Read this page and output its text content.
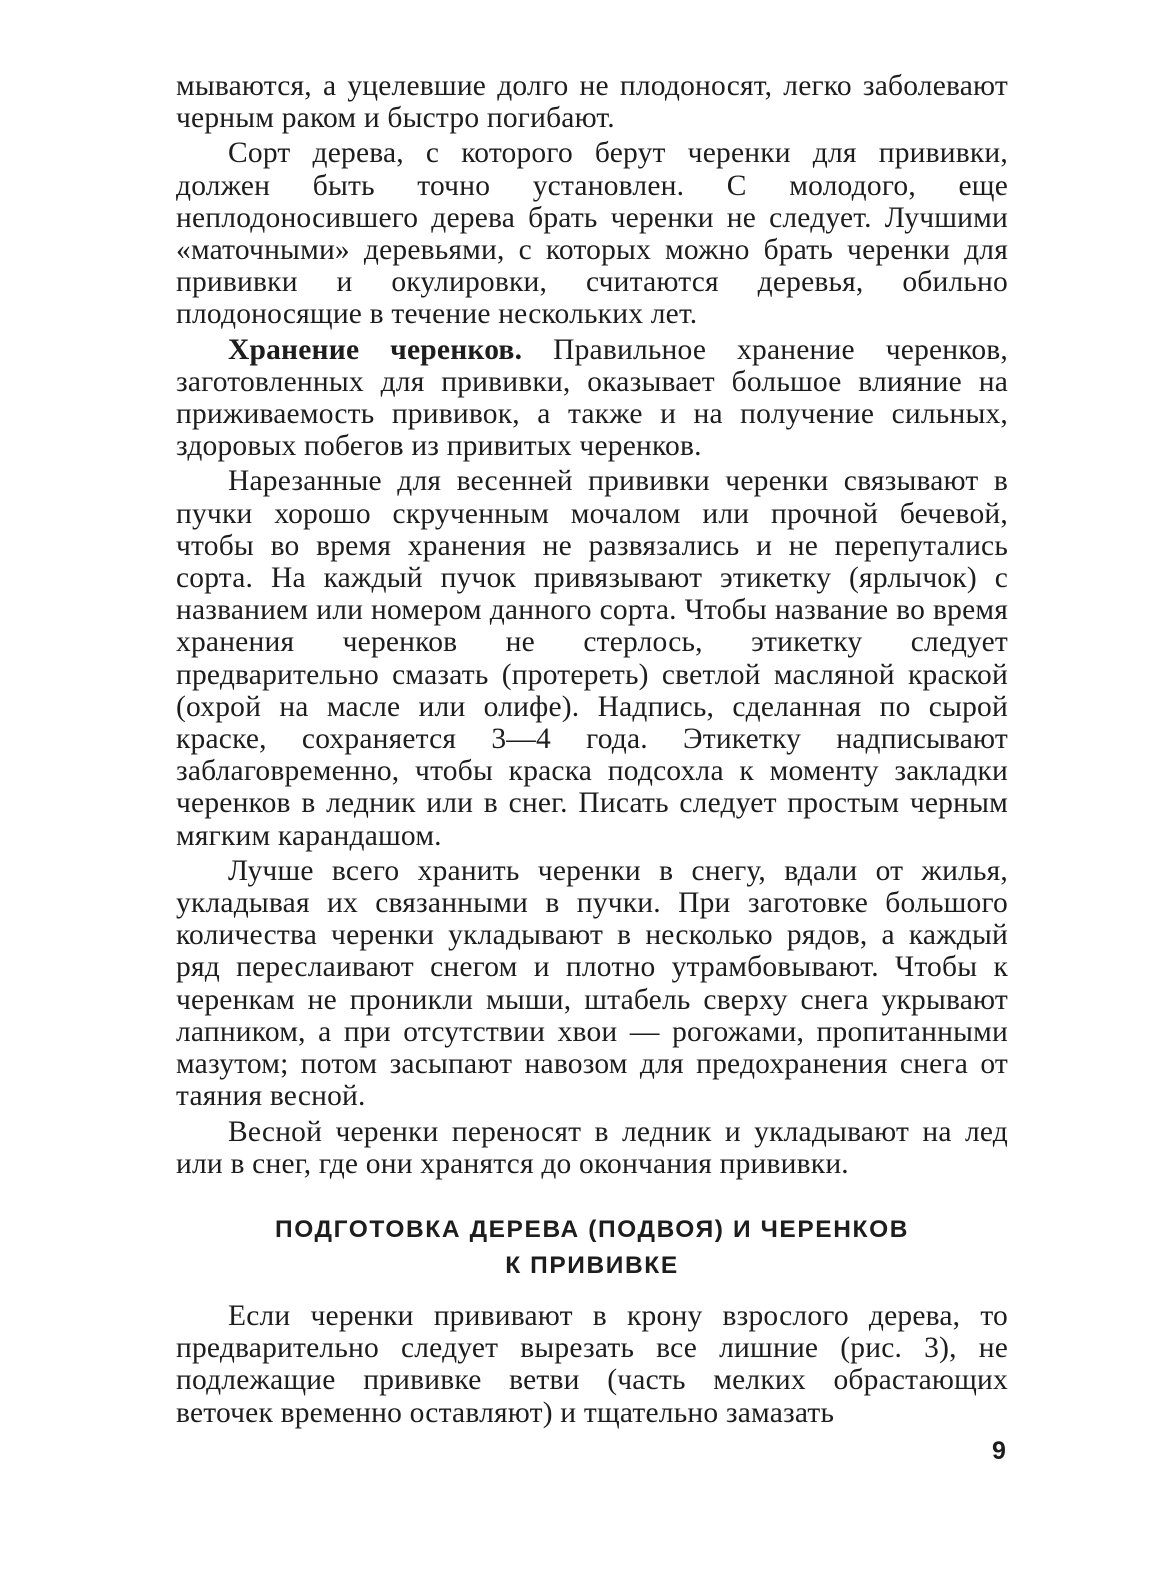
мываются, а уцелевшие долго не плодоносят, легко заболевают черным раком и быстро погибают.

Сорт дерева, с которого берут черенки для прививки, должен быть точно установлен. С молодого, еще неплодоносившего дерева брать черенки не следует. Лучшими «маточными» деревьями, с которых можно брать черенки для прививки и окулировки, считаются деревья, обильно плодоносящие в течение нескольких лет.

Хранение черенков. Правильное хранение черенков, заготовленных для прививки, оказывает большое влияние на приживаемость прививок, а также и на получение сильных, здоровых побегов из привитых черенков.

Нарезанные для весенней прививки черенки связывают в пучки хорошо скрученным мочалом или прочной бечевой, чтобы во время хранения не развязались и не перепутались сорта. На каждый пучок привязывают этикетку (ярлычок) с названием или номером данного сорта. Чтобы название во время хранения черенков не стерлось, этикетку следует предварительно смазать (протереть) светлой масляной краской (охрой на масле или олифе). Надпись, сделанная по сырой краске, сохраняется 3—4 года. Этикетку надписывают заблаговременно, чтобы краска подсохла к моменту закладки черенков в ледник или в снег. Писать следует простым черным мягким карандашом.

Лучше всего хранить черенки в снегу, вдали от жилья, укладывая их связанными в пучки. При заготовке большого количества черенки укладывают в несколько рядов, а каждый ряд переслаивают снегом и плотно утрамбовывают. Чтобы к черенкам не проникли мыши, штабель сверху снега укрывают лапником, а при отсутствии хвои — рогожами, пропитанными мазутом; потом засыпают навозом для предохранения снега от таяния весной.

Весной черенки переносят в ледник и укладывают на лед или в снег, где они хранятся до окончания прививки.

ПОДГОТОВКА ДЕРЕВА (ПОДВОЯ) И ЧЕРЕНКОВ
К ПРИВИВКЕ

Если черенки прививают в крону взрослого дерева, то предварительно следует вырезать все лишние (рис. 3), не подлежащие прививке ветви (часть мелких обрастающих веточек временно оставляют) и тщательно замазать

9
